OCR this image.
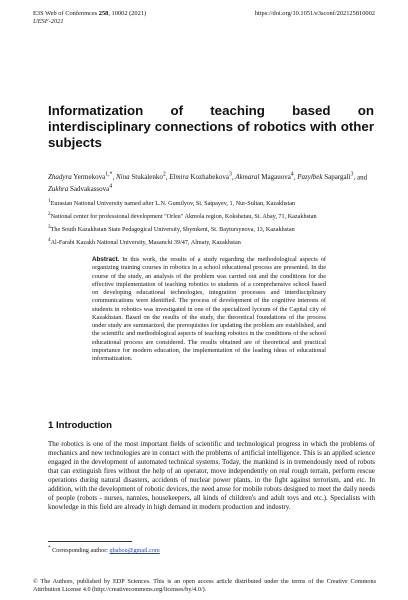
E3S Web of Conferences 258, 10002 (2021)
UESF-2021
https://doi.org/10.1051/e3sconf/202125810002
Informatization of teaching based on interdisciplinary connections of robotics with other subjects
Zhadyra Yermekova$^{1,*}$, Nina Stukalenko$^2$, Elmira Kozhabekova$^3$, Akmaral Magauova$^4$, Pazylbek Sapargali$^3$, and Zukhra Sadvakassova$^4$

$^1$Eurasian National University named after L.N. Gumilyov, St. Satpayev, 1, Nur-Sultan, Kazakhstan

$^2$National center for professional development "Orleu" Akmola region, Kokshetau, St. Abay, 71, Kazakhstan

$^3$The South Kazakhstan State Pedagogical University, Shymkent, St. Baytursynova, 13, Kazakhstan

$^4$Al-Farabi Kazakh National University, Masanchi 39/47, Almaty, Kazakhstan

Abstract. In this work, the results of a study regarding the methodological aspects of organizing training courses in robotics in a school educational process are presented. In the course of the study, an analysis of the problem was carried out and the conditions for the effective implementation of teaching robotics to students of a comprehensive school based on developing educational technologies, integration processes and interdisciplinary communications were identified. The process of development of the cognitive interests of students in robotics was investigated in one of the specialized lyceum of the Capital city of Kazakhstan. Based on the results of the study, the theoretical foundations of the process under study are summarized, the prerequisites for updating the problem are established, and the scientific and methodological aspects of teaching robotics in the conditions of the school educational process are considered. The results obtained are of theoretical and practical importance for modern education, the implementation of the leading ideas of educational informatization.

1 Introduction

The robotics is one of the most important fields of scientific and technological progress in which the problems of mechanics and new technologies are in contact with the problems of artificial intelligence. This is an applied science engaged in the development of automated technical systems. Today, the mankind is in tremendously need of robots that can extinguish fires without the help of an operator, move independently on real rough terrain, perform rescue operations during natural disasters, accidents of nuclear power plants, in the fight against terrorism, and etc. In addition, with the development of robotic devices, the need arose for mobile robots designed to meet the daily needs of people (robots - nurses, nannies, housekeepers, all kinds of children's and adult toys and etc.). Specialists with knowledge in this field are already in high demand in modern production and industry.

* Corresponding author: qbabou@gmail.com

© The Authors, published by EDP Sciences. This is an open access article distributed under the terms of the Creative Commons Attribution License 4.0 (http://creativecommons.org/licenses/by/4.0/).
